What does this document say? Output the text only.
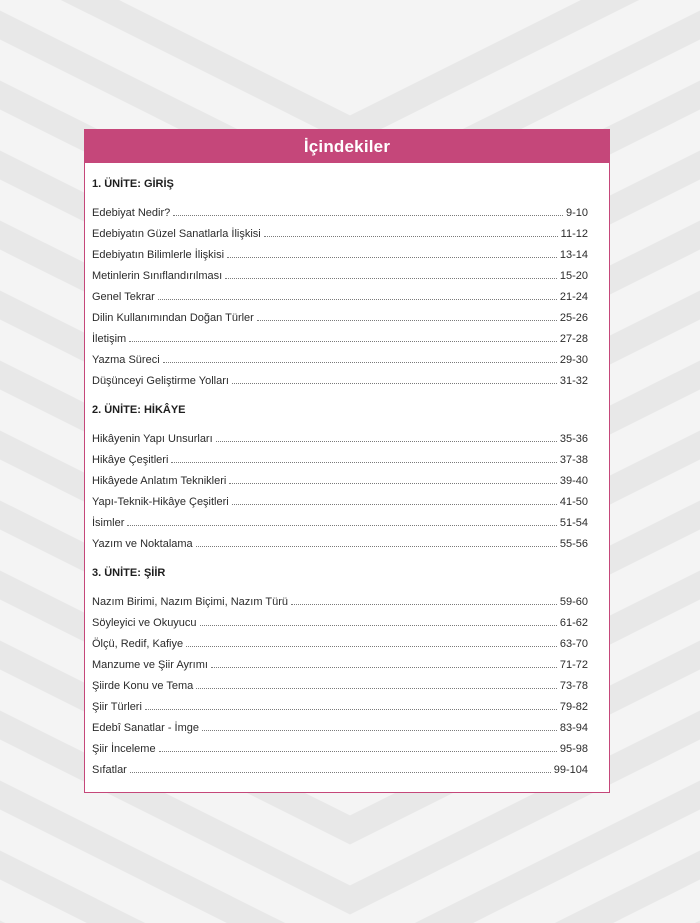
İçindekiler
1. ÜNİTE: GİRİŞ
Edebiyat Nedir?	9-10
Edebiyatın Güzel Sanatlarla İlişkisi	11-12
Edebiyatın Bilimlerle İlişkisi	13-14
Metinlerin Sınıflandırılması	15-20
Genel Tekrar	21-24
Dilin Kullanımından Doğan Türler	25-26
İletişim	27-28
Yazma Süreci	29-30
Düşünceyi Geliştirme Yolları	31-32
2. ÜNİTE: HİKÂYE
Hikâyenin Yapı Unsurları	35-36
Hikâye Çeşitleri	37-38
Hikâyede Anlatım Teknikleri	39-40
Yapı-Teknik-Hikâye Çeşitleri	41-50
İsimler	51-54
Yazım ve Noktalama	55-56
3. ÜNİTE: ŞİİR
Nazım Birimi, Nazım Biçimi, Nazım Türü	59-60
Söyleyici ve Okuyucu	61-62
Ölçü, Redif, Kafiye	63-70
Manzume ve Şiir Ayrımı	71-72
Şiirde Konu ve Tema	73-78
Şiir Türleri	79-82
Edebî Sanatlar - İmge	83-94
Şiir İnceleme	95-98
Sıfatlar	99-104
